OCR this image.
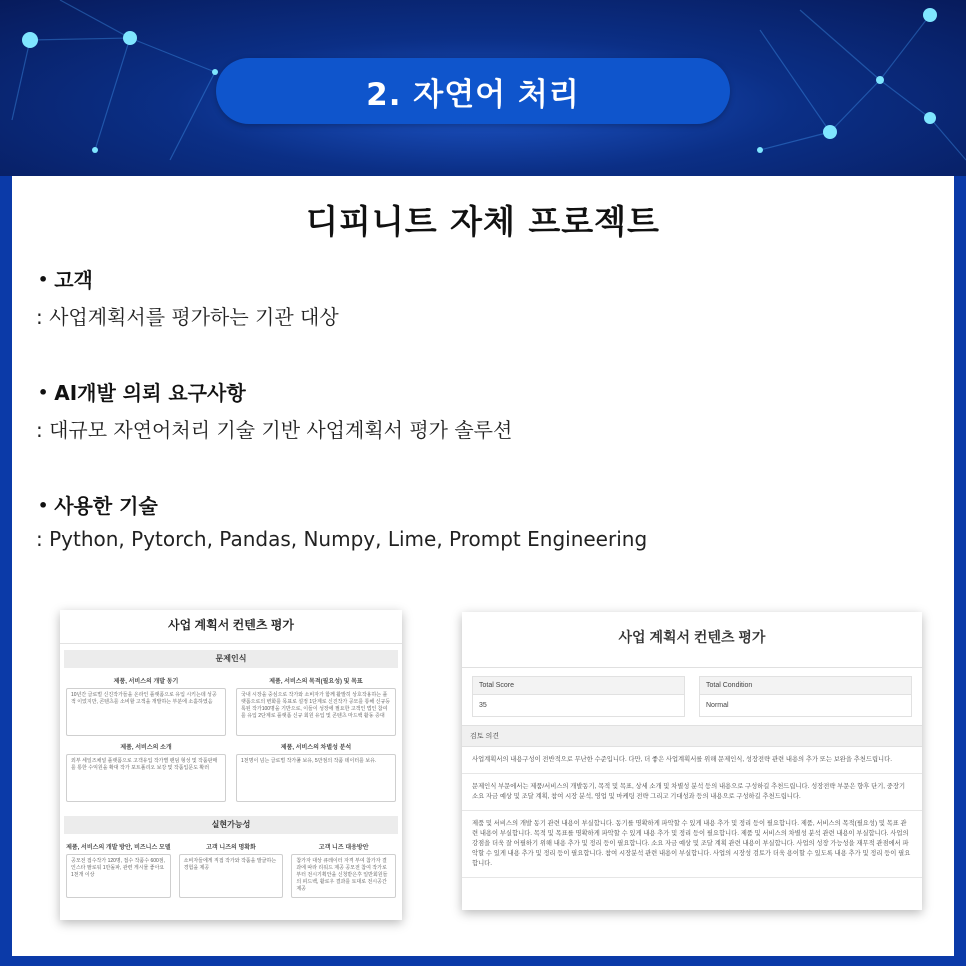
2. 자연어 처리
디피니트 자체 프로젝트
• 고객
: 사업계획서를 평가하는 기관 대상
• AI개발 의뢰 요구사항
: 대규모 자연어처리 기술 기반 사업계획서 평가 솔루션
• 사용한 기술
: Python, Pytorch, Pandas, Numpy, Lime, Prompt Engineering
사업 계획서 컨텐츠 평가
문제인식
제품, 서비스의 개발 동기
10년간 글로벌 신진작가들을 온라인 플랫폼으로 유입 시키는데 성공적 이었지만, 콘텐츠를 소비할 고객을 개발하는 부분에 소홀하였음
제품, 서비스의 목적(필요성) 및 목표
국내 시장을 중심으로 작가와 소비자가 함께 활발히 상호작용하는 플랫폼으로의 변화를 목표로 설정 1단계로 신진작가 공모를 통해 신규등록된 작가100명을 기반으로, 이들이 성장에 필요한 고객인 법인 참여를 유입 2단계로 플랫폼 신규 회원 유입 및 콘텐츠 마드백 활동 증대
제품, 서비스의 소개
외부 세일즈채널 플랫폼으로 고객유입 작가별 팬덤 형성 및 작품판매를 통한 수익원을 확대 작가 포트폴리오 보강 및 작품입문도 확러
제품, 서비스의 차별성 분석
1천명이 넘는 글로벌 작가풀 보유, 5만점의 작품 데이터를 보유.
실현가능성
제품, 서비스의 개발 방안, 비즈니스 모델
공모전 접수작가 120명, 접수 작품수 600점, 인스타 팔로워 1만돌파, 관련 게시물 좋아요 1천개 이상
고객 니즈의 명확화
소비자들에게 직접 작가와 작품을 발굴하는 경험을 제공
고객 니즈 대응방안
참가자 대상 큐레이터 자격 부여 참가자 결과에 따라 리워드 제공 공모전 참여 작가로부터 전시기획안을 신청받은후 일반회원들의 피드백, 활로우 결과를 토대로 전시공간제공
사업 계획서 컨텐츠 평가
Total Score
35
Total Condition
Normal
검토 의견
사업계획서의 내용구성이 전반적으로 무난한 수준입니다. 다만, 더 좋은 사업계획서를 위해 문제인식, 성장전략 관련 내용의 추가 또는 보완을 추천드립니다.
문제인식 부문에서는 제품/서비스의 개발동기, 목적 및 목표, 상세 소개 및 차별성 분석 등의 내용으로 구성하길 추천드립니다. 성장전략 부문은 향후 단기, 중장기 소요 자금 예상 및 조달 계획, 참여 시장 분석, 영업 및 마케팅 전략 그리고 기대성과 등의 내용으로 구성하길 추천드립니다.
제품 및 서비스의 개발 동기 관련 내용이 부실합니다. 동기를 명확하게 파악할 수 있게 내용 추가 및 정리 등이 필요합니다. 제품, 서비스의 목적(필요성) 및 목표 관련 내용이 부실합니다. 목적 및 목표를 명확하게 파악할 수 있게 내용 추가 및 정리 등이 필요합니다. 제품 및 서비스의 차별성 분석 관련 내용이 부실합니다. 사업의 강점을 더욱 잘 어필하기 위해 내용 추가 및 정리 등이 필요합니다. 소요 자금 예상 및 조달 계획 관련 내용이 부실합니다. 사업의 성장 가능성을 재무적 관점에서 파악할 수 있게 내용 추가 및 정리 등이 필요합니다. 참여 시장분석 관련 내용이 부실합니다. 사업의 시장성 검토가 더욱 용이할 수 있도록 내용 추가 및 정리 등이 필요합니다.
